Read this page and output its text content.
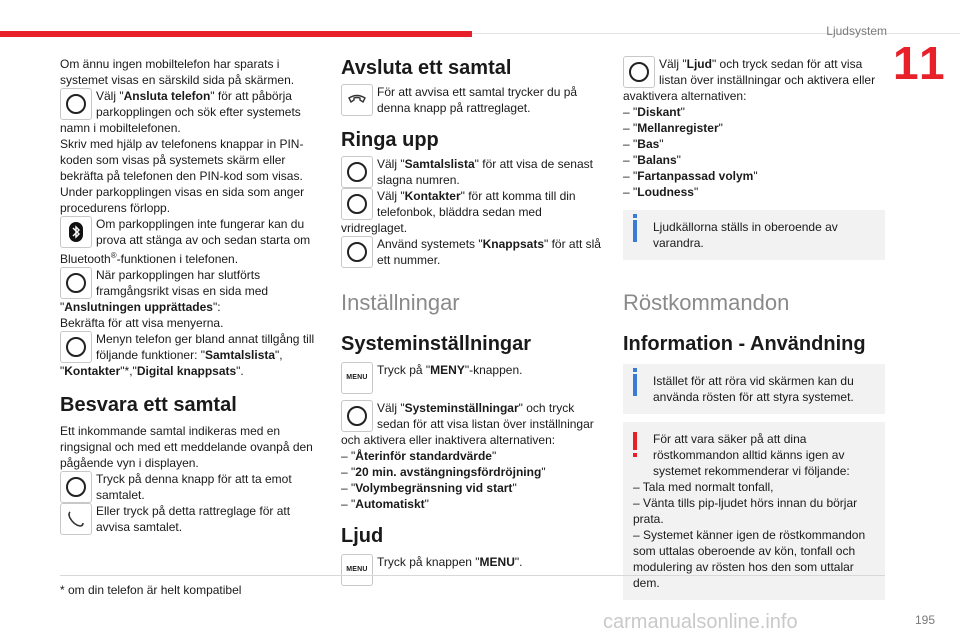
Ljudsystem
11

Om ännu ingen mobiltelefon har sparats i systemet visas en särskild sida på skärmen.

Välj "Ansluta telefon" för att påbörja parkopplingen och sök efter systemets namn i mobiltelefonen.

Skriv med hjälp av telefonens knappar in PIN-koden som visas på systemets skärm eller bekräfta på telefonen den PIN-kod som visas.

Under parkopplingen visas en sida som anger procedurens förlopp.

Om parkopplingen inte fungerar kan du prova att stänga av och sedan starta om Bluetooth®-funktionen i telefonen.

När parkopplingen har slutförts framgångsrikt visas en sida med "Anslutningen upprättades":

Bekräfta för att visa menyerna.

Menyn telefon ger bland annat tillgång till följande funktioner: "Samtalslista", "Kontakter"*,"Digital knappsats".

Besvara ett samtal

Ett inkommande samtal indikeras med en ringsignal och med ett meddelande ovanpå den pågående vyn i displayen.

Tryck på denna knapp för att ta emot samtalet.

Eller tryck på detta rattreglage för att avvisa samtalet.

Avsluta ett samtal

För att avvisa ett samtal trycker du på denna knapp på rattreglaget.

Ringa upp

Välj "Samtalslista" för att visa de senast slagna numren.

Välj "Kontakter" för att komma till din telefonbok, bläddra sedan med vridreglaget.

Använd systemets "Knappsats" för att slå ett nummer.

Inställningar
Systeminställningar
MENU

Tryck på "MENY"-knappen.

Välj "Systeminställningar" och tryck sedan för att visa listan över inställningar och aktivera eller inaktivera alternativen:

– "Återinför standardvärde"
– "20 min. avstängningsfördröjning"
– "Volymbegränsning vid start"
– "Automatiskt"
Ljud
MENU

Tryck på knappen "MENU".

Välj "Ljud" och tryck sedan för att visa listan över inställningar och aktivera eller avaktivera alternativen:

– "Diskant"
– "Mellanregister"
– "Bas"
– "Balans"
– "Fartanpassad volym"
– "Loudness"

Ljudkällorna ställs in oberoende av varandra.

Röstkommandon
Information - Användning

Istället för att röra vid skärmen kan du använda rösten för att styra systemet.

För att vara säker på att dina röstkommandon alltid känns igen av systemet rekommenderar vi följande:

– Tala med normalt tonfall,

– Vänta tills pip-ljudet hörs innan du börjar prata.

– Systemet känner igen de röstkommandon som uttalas oberoende av kön, tonfall och modulering av rösten hos den som uttalar dem.

* om din telefon är helt kompatibel
carmanualsonline.info	195
